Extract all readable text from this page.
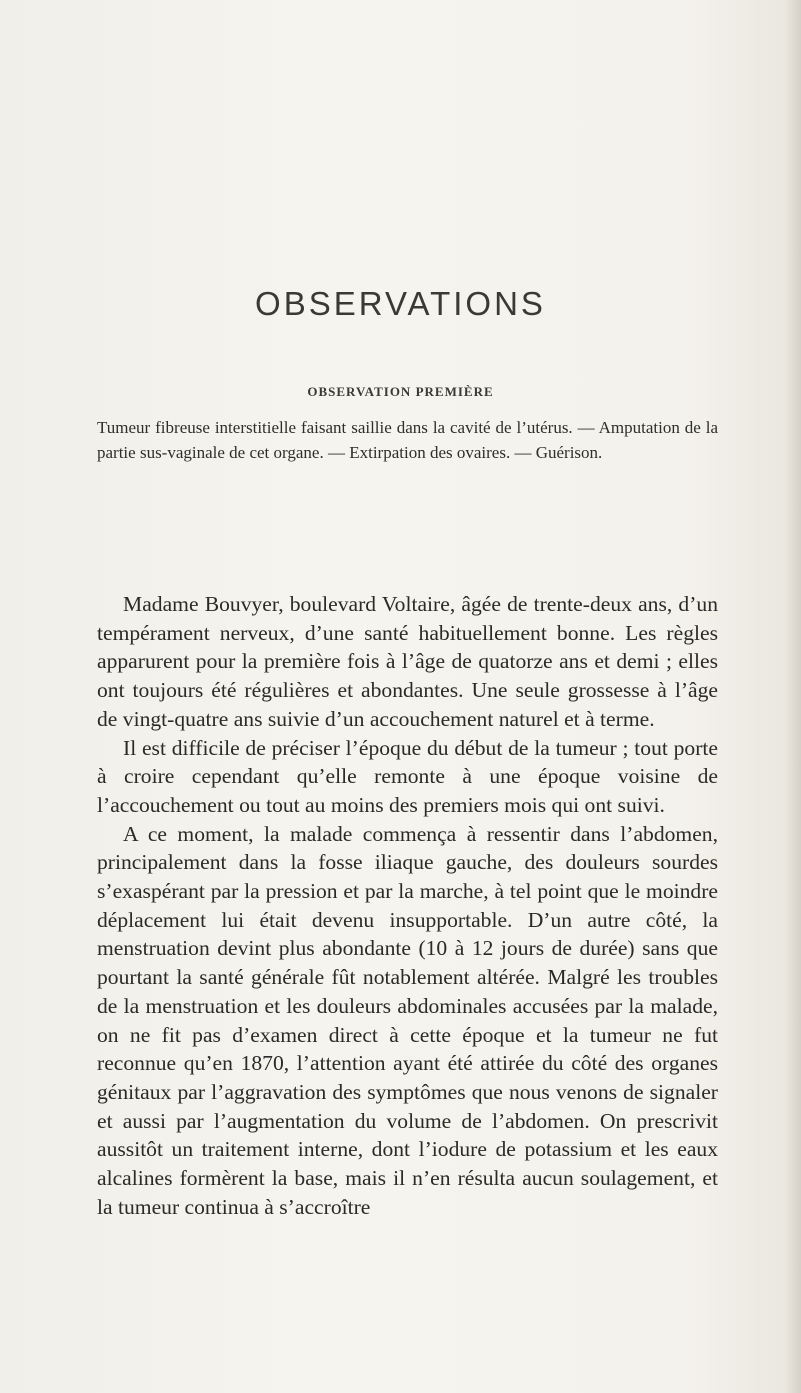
OBSERVATIONS
OBSERVATION PREMIÈRE

Tumeur fibreuse interstitielle faisant saillie dans la cavité de l’utérus. — Amputation de la partie sus-vaginale de cet organe. — Extirpation des ovaires. — Guérison.

Madame Bouvyer, boulevard Voltaire, âgée de trente-deux ans, d’un tempérament nerveux, d’une santé habituellement bonne. Les règles apparurent pour la première fois à l’âge de quatorze ans et demi ; elles ont toujours été régulières et abondantes. Une seule grossesse à l’âge de vingt-quatre ans suivie d’un accouchement naturel et à terme.

Il est difficile de préciser l’époque du début de la tumeur ; tout porte à croire cependant qu’elle remonte à une époque voisine de l’accouchement ou tout au moins des premiers mois qui ont suivi.

A ce moment, la malade commença à ressentir dans l’abdomen, principalement dans la fosse iliaque gauche, des douleurs sourdes s’exaspérant par la pression et par la marche, à tel point que le moindre déplacement lui était devenu insupportable. D’un autre côté, la menstruation devint plus abondante (10 à 12 jours de durée) sans que pourtant la santé générale fût notablement altérée. Malgré les troubles de la menstruation et les douleurs abdominales accusées par la malade, on ne fit pas d’examen direct à cette époque et la tumeur ne fut reconnue qu’en 1870, l’attention ayant été attirée du côté des organes génitaux par l’aggravation des symptômes que nous venons de signaler et aussi par l’augmentation du volume de l’abdomen. On prescrivit aussitôt un traitement interne, dont l’iodure de potassium et les eaux alcalines formèrent la base, mais il n’en résulta aucun soulagement, et la tumeur continua à s’accroître
